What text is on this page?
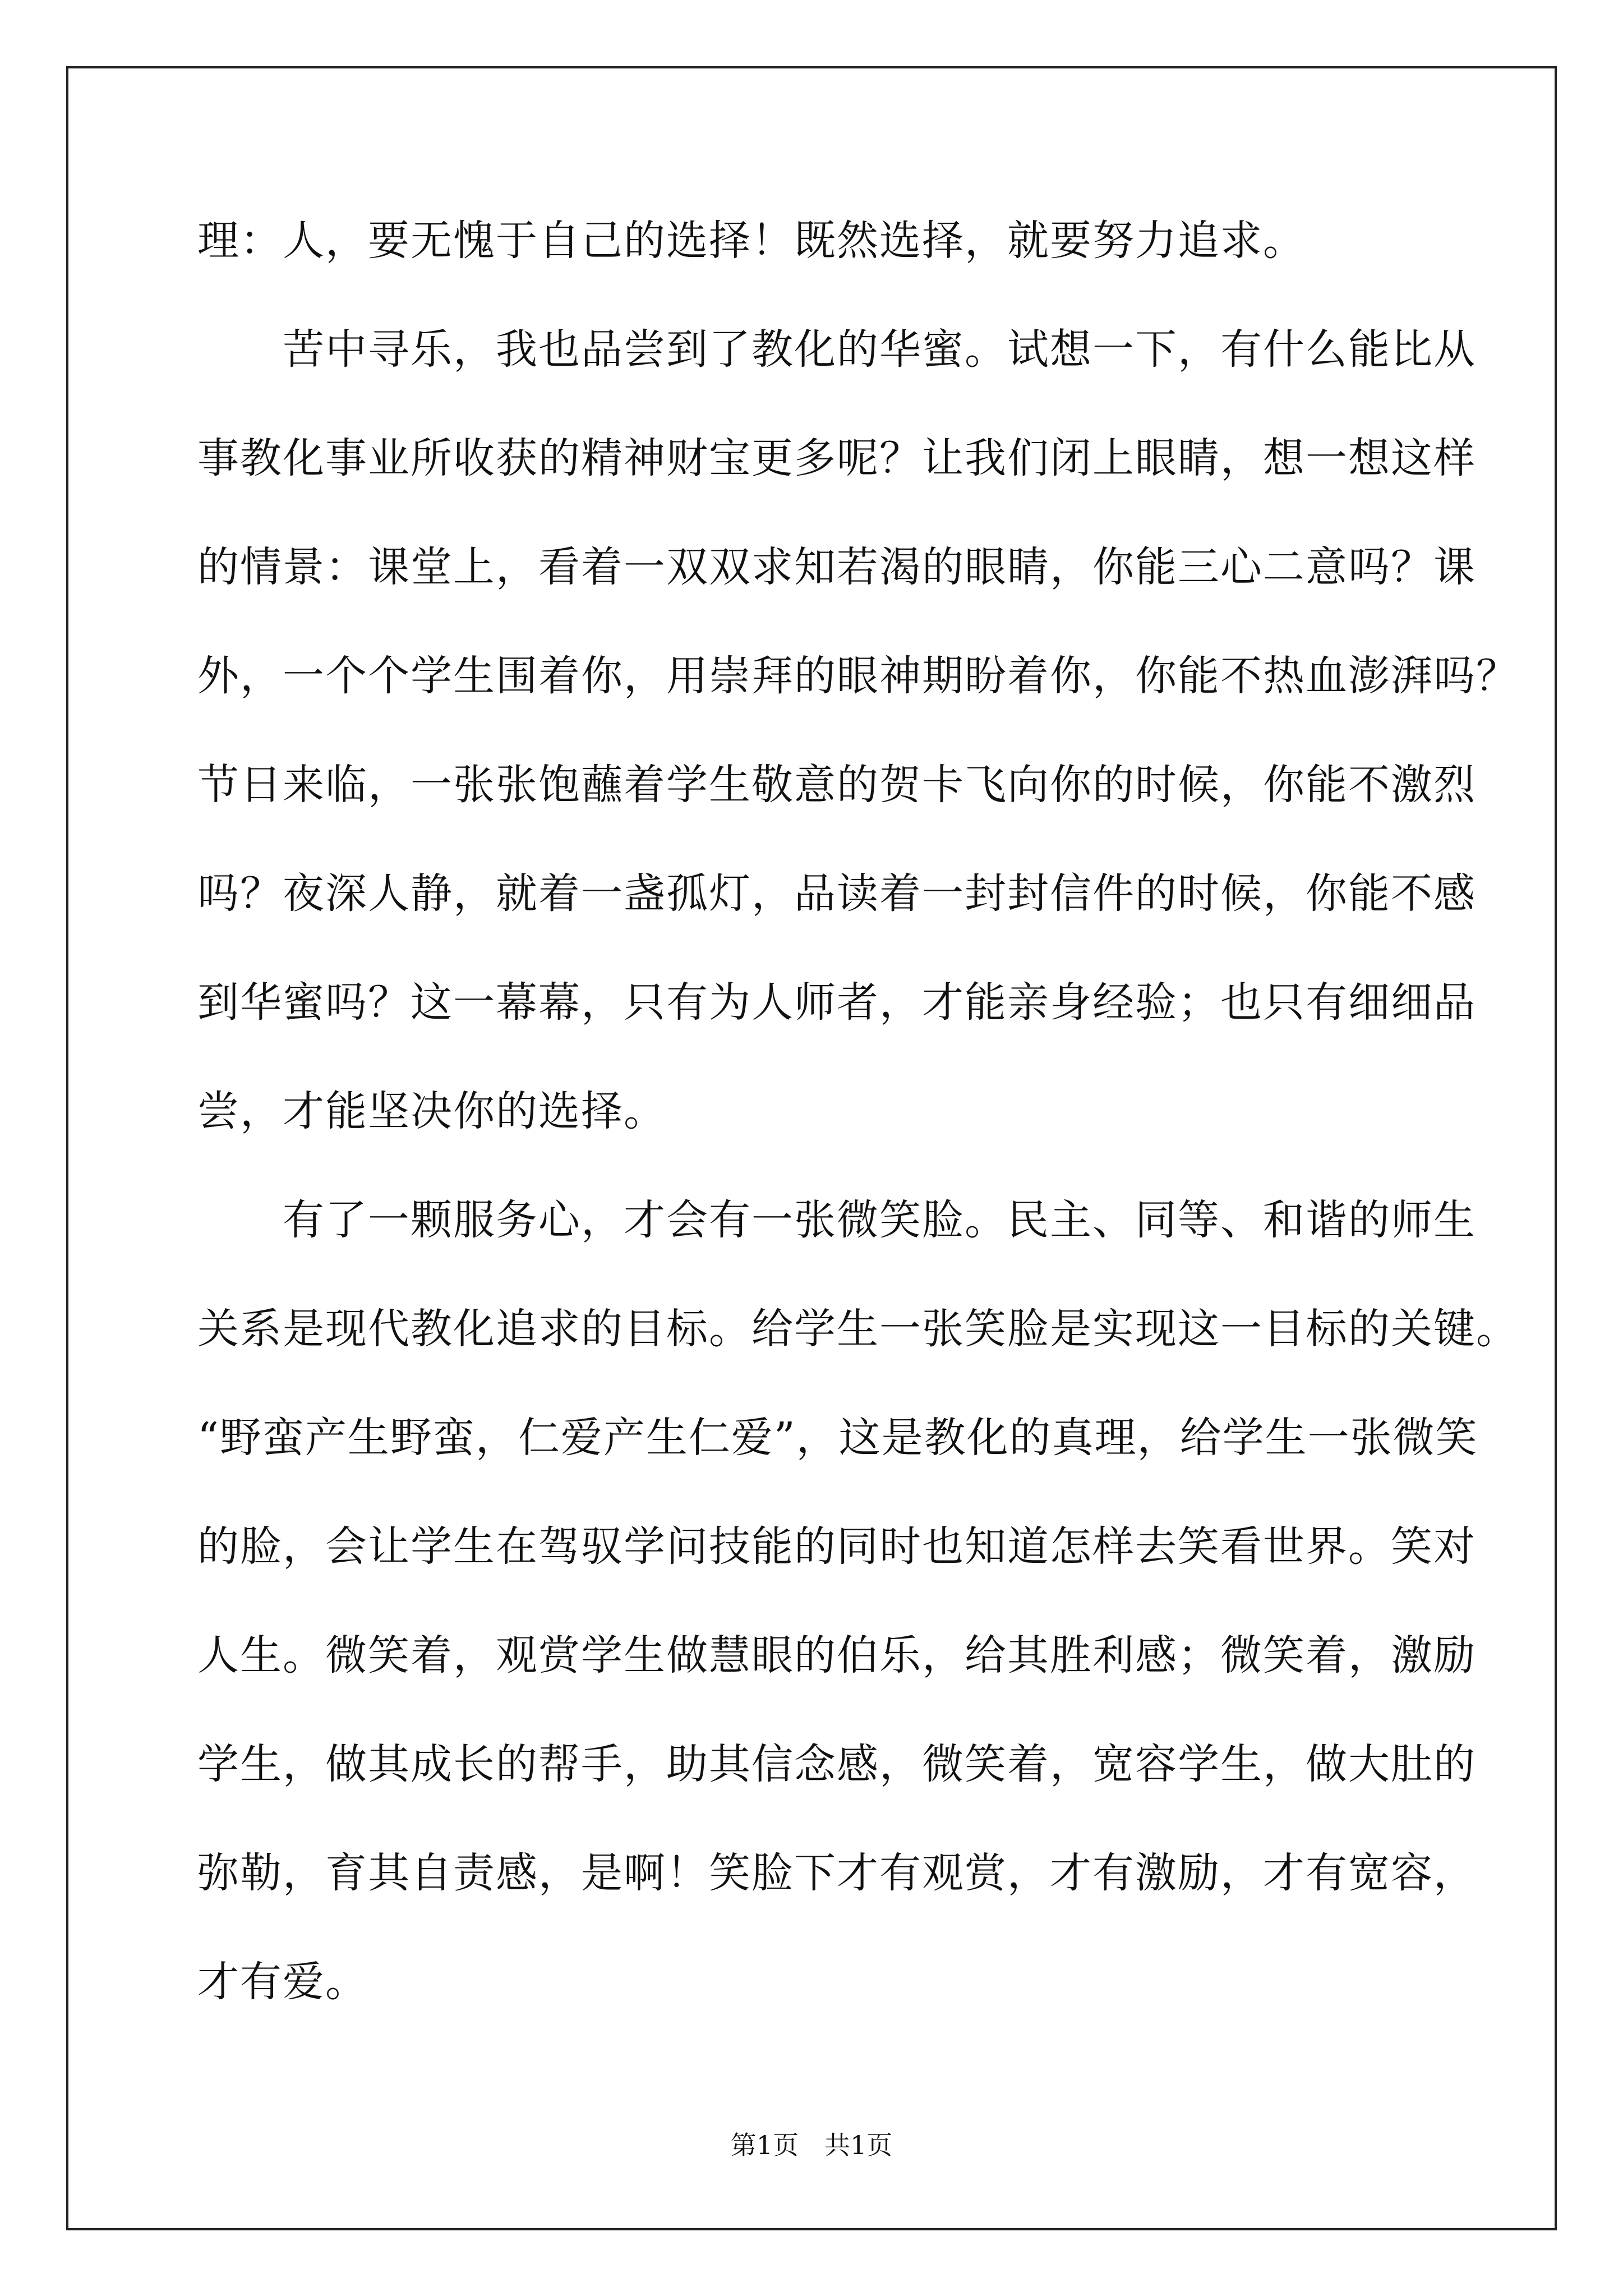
理：人，要无愧于自己的选择！既然选择，就要努力追求。
　　苦中寻乐，我也品尝到了教化的华蜜。试想一下，有什么能比从
事教化事业所收获的精神财宝更多呢？让我们闭上眼睛，想一想这样
的情景：课堂上，看着一双双求知若渴的眼睛，你能三心二意吗？课
外，一个个学生围着你，用崇拜的眼神期盼着你，你能不热血澎湃吗？
节日来临，一张张饱蘸着学生敬意的贺卡飞向你的时候，你能不激烈
吗？夜深人静，就着一盏孤灯，品读着一封封信件的时候，你能不感
到华蜜吗？这一幕幕，只有为人师者，才能亲身经验；也只有细细品
尝，才能坚决你的选择。
　　有了一颗服务心，才会有一张微笑脸。民主、同等、和谐的师生
关系是现代教化追求的目标。给学生一张笑脸是实现这一目标的关键。
“野蛮产生野蛮，仁爱产生仁爱”，这是教化的真理，给学生一张微笑
的脸，会让学生在驾驭学问技能的同时也知道怎样去笑看世界。笑对
人生。微笑着，观赏学生做慧眼的伯乐，给其胜利感；微笑着，激励
学生，做其成长的帮手，助其信念感，微笑着，宽容学生，做大肚的
弥勒，育其自责感，是啊！笑脸下才有观赏，才有激励，才有宽容，
才有爱。
第1页　共1页
